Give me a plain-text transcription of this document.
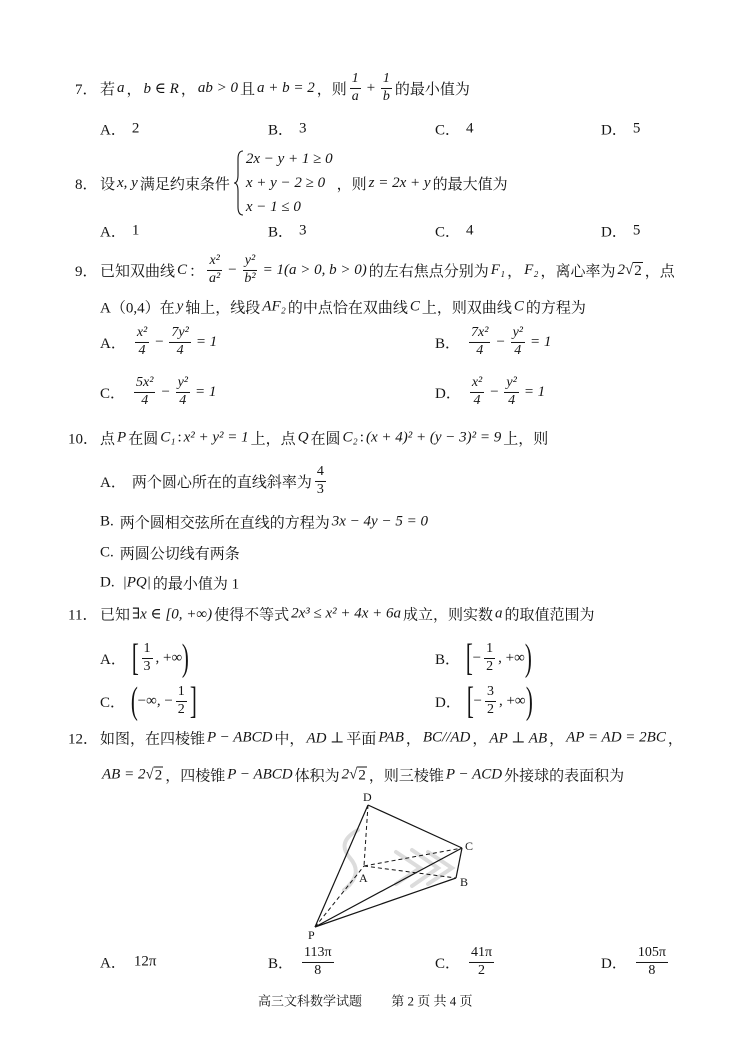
7． 若 a ， b ∈ R ， ab > 0 且 a + b = 2 ，则 $\frac{1}{a} + \frac{1}{b}$ 的最小值为
A． 2	B． 3	C． 4	D． 5
8． 设 x, y 满足约束条件
2x − y + 1 ≥ 0
x + y − 2 ≥ 0
x − 1 ≤ 0
，则 z = 2x + y 的最大值为
A． 1	B． 3	C． 4	D． 5
9． 已知双曲线 C ： $\frac{\text{x²}}{\text{a²}} - \frac{\text{y²}}{\text{b²}} = 1(a > 0$, b > 0) 的左右焦点分别为 F₁ ， F₂ ，离心率为 2 √ 2 ，点
A（0,4）在 y 轴上，线段 AF₂ 的中点恰在双曲线 C 上，则双曲线 C 的方程为
A． $\frac{\text{x²}}{4} - \frac{\text{7y²}}{4} = 1$	B． $\frac{\text{7x²}}{4} - \frac{\text{y²}}{4} = 1$
C． $\frac{\text{5x²}}{4} - \frac{\text{y²}}{4} = 1$	D． $\frac{\text{x²}}{4} - \frac{\text{y²}}{4} = 1$
10． 点 P 在圆 C₁ : x² + y² = 1 上，点 Q 在圆 C₂ : (x + 4)² + (y − 3)² = 9 上，则
A． 两个圆心所在的直线斜率为 $\frac{4}{3}$
B. 两个圆相交弦所在直线的方程为 3x − 4y − 5 = 0
C. 两圆公切线有两条
D. |PQ| 的最小值为 1
11． 已知 ∃x ∈ [0, +∞) 使得不等式 2x³ ≤ x² + 4x + 6a 成立，则实数 a 的取值范围为
A． [ $\frac{1}{3}$ , +∞ )	B． [ − $\frac{1}{2}$ , +∞ )
C． ( −∞, − $\frac{1}{2}$ ]	D． [ − $\frac{3}{2}$ , +∞ )
12． 如图，在四棱锥 P − ABCD 中， AD ⊥ 平面 PAB ， BC//AD ， AP ⊥ AB ， AP = AD = 2BC ，
AB = 2 √ 2 ，四棱锥 P − ABCD 体积为 2 √ 2 ，则三棱锥 P − ACD 外接球的表面积为
D
C
A	B
P
A． 12π	B． $\frac{113\pi}{8}$	C． $\frac{41\pi}{2}$	D． $\frac{105\pi}{8}$
高三文科数学试题 第 2 页 共 4 页
